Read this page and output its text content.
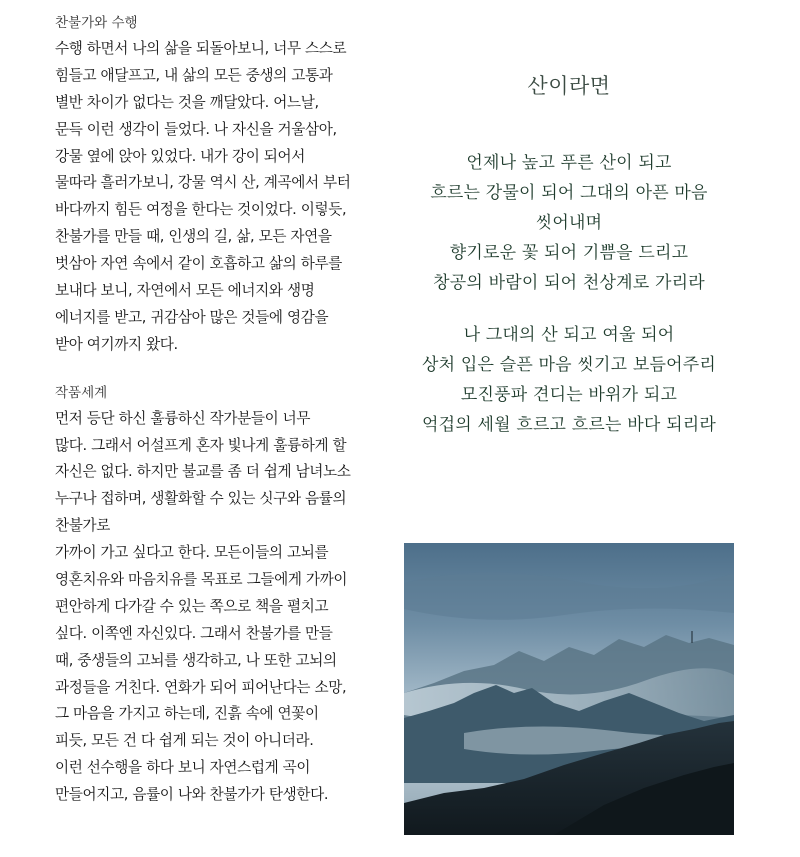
찬불가와 수행
수행 하면서 나의 삶을 되돌아보니, 너무 스스로
힘들고 애달프고, 내 삶의 모든 중생의 고통과
별반 차이가 없다는 것을 깨달았다. 어느날,
문득 이런 생각이 들었다. 나 자신을 거울삼아,
강물 옆에 앉아 있었다. 내가 강이 되어서
물따라 흘러가보니, 강물 역시 산, 계곡에서 부터
바다까지 힘든 여정을 한다는 것이었다. 이렇듯,
찬불가를 만들 때, 인생의 길, 삶, 모든 자연을
벗삼아 자연 속에서 같이 호흡하고 삶의 하루를
보내다 보니, 자연에서 모든 에너지와 생명
에너지를 받고, 귀감삼아 많은 것들에 영감을
받아 여기까지 왔다.
작품세계
먼저 등단 하신 훌륭하신 작가분들이 너무
많다. 그래서 어설프게 혼자 빛나게 훌륭하게 할
자신은 없다. 하지만 불교를 좀 더 쉽게 남녀노소
누구나 접하며, 생활화할 수 있는 싯구와 음률의
찬불가로
가까이 가고 싶다고 한다. 모든이들의 고뇌를
영혼치유와 마음치유를 목표로 그들에게 가까이
편안하게 다가갈 수 있는 쪽으로 책을 펼치고
싶다. 이쪽엔 자신있다. 그래서 찬불가를 만들
때, 중생들의 고뇌를 생각하고, 나 또한 고뇌의
과정들을 거친다. 연화가 되어 피어난다는 소망,
그 마음을 가지고 하는데, 진흙 속에 연꽃이
피듯, 모든 건 다 쉽게 되는 것이 아니더라.
이런 선수행을 하다 보니 자연스럽게 곡이
만들어지고, 음률이 나와 찬불가가 탄생한다.
산이라면
언제나 높고 푸른 산이 되고
흐르는 강물이 되어 그대의 아픈 마음
씻어내며
향기로운 꽃 되어 기쁨을 드리고
창공의 바람이 되어 천상계로 가리라
나 그대의 산 되고 여울 되어
상처 입은 슬픈 마음 씻기고 보듬어주리
모진풍파 견디는 바위가 되고
억겁의 세월 흐르고 흐르는 바다 되리라
